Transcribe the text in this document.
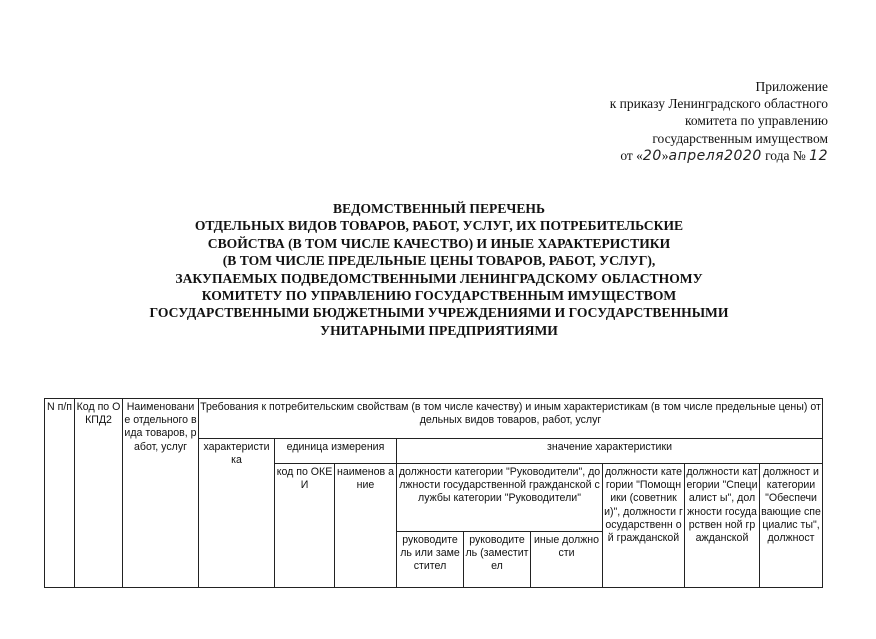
Приложение
к приказу Ленинградского областного
комитета по управлению
государственным имуществом
от «20»апреля2020 года № 12
ВЕДОМСТВЕННЫЙ ПЕРЕЧЕНЬ
ОТДЕЛЬНЫХ ВИДОВ ТОВАРОВ, РАБОТ, УСЛУГ, ИХ ПОТРЕБИТЕЛЬСКИЕ
СВОЙСТВА (В ТОМ ЧИСЛЕ КАЧЕСТВО) И ИНЫЕ ХАРАКТЕРИСТИКИ
(В ТОМ ЧИСЛЕ ПРЕДЕЛЬНЫЕ ЦЕНЫ ТОВАРОВ, РАБОТ, УСЛУГ),
ЗАКУПАЕМЫХ ПОДВЕДОМСТВЕННЫМИ ЛЕНИНГРАДСКОМУ ОБЛАСТНОМУ
КОМИТЕТУ ПО УПРАВЛЕНИЮ ГОСУДАРСТВЕННЫМ ИМУЩЕСТВОМ
ГОСУДАРСТВЕННЫМИ БЮДЖЕТНЫМИ УЧРЕЖДЕНИЯМИ И ГОСУДАРСТВЕННЫМИ
УНИТАРНЫМИ ПРЕДПРИЯТИЯМИ
N п/п	Код по ОКПД2	Наименовани е отдельного вида товаров, работ, услуг	Требования к потребительским свойствам (в том числе качеству) и иным характеристикам (в том числе предельные цены) отдельных видов товаров, работ, услуг								
			характеристи ка	единица измерения		значение характеристики					
				код по ОКЕИ	наименов ание	должности категории "Руководители", должности государственной гражданской службы категории "Руководители"			должности категории "Помощники (советники)", должности государственн ой гражданской	должности категории "Специалист ы", должности государствен ной гражданской	должност и категории "Обеспечи вающие специалис ты", должност
						руководите ль или заместител	руководите ль (заместител	иные должности			
